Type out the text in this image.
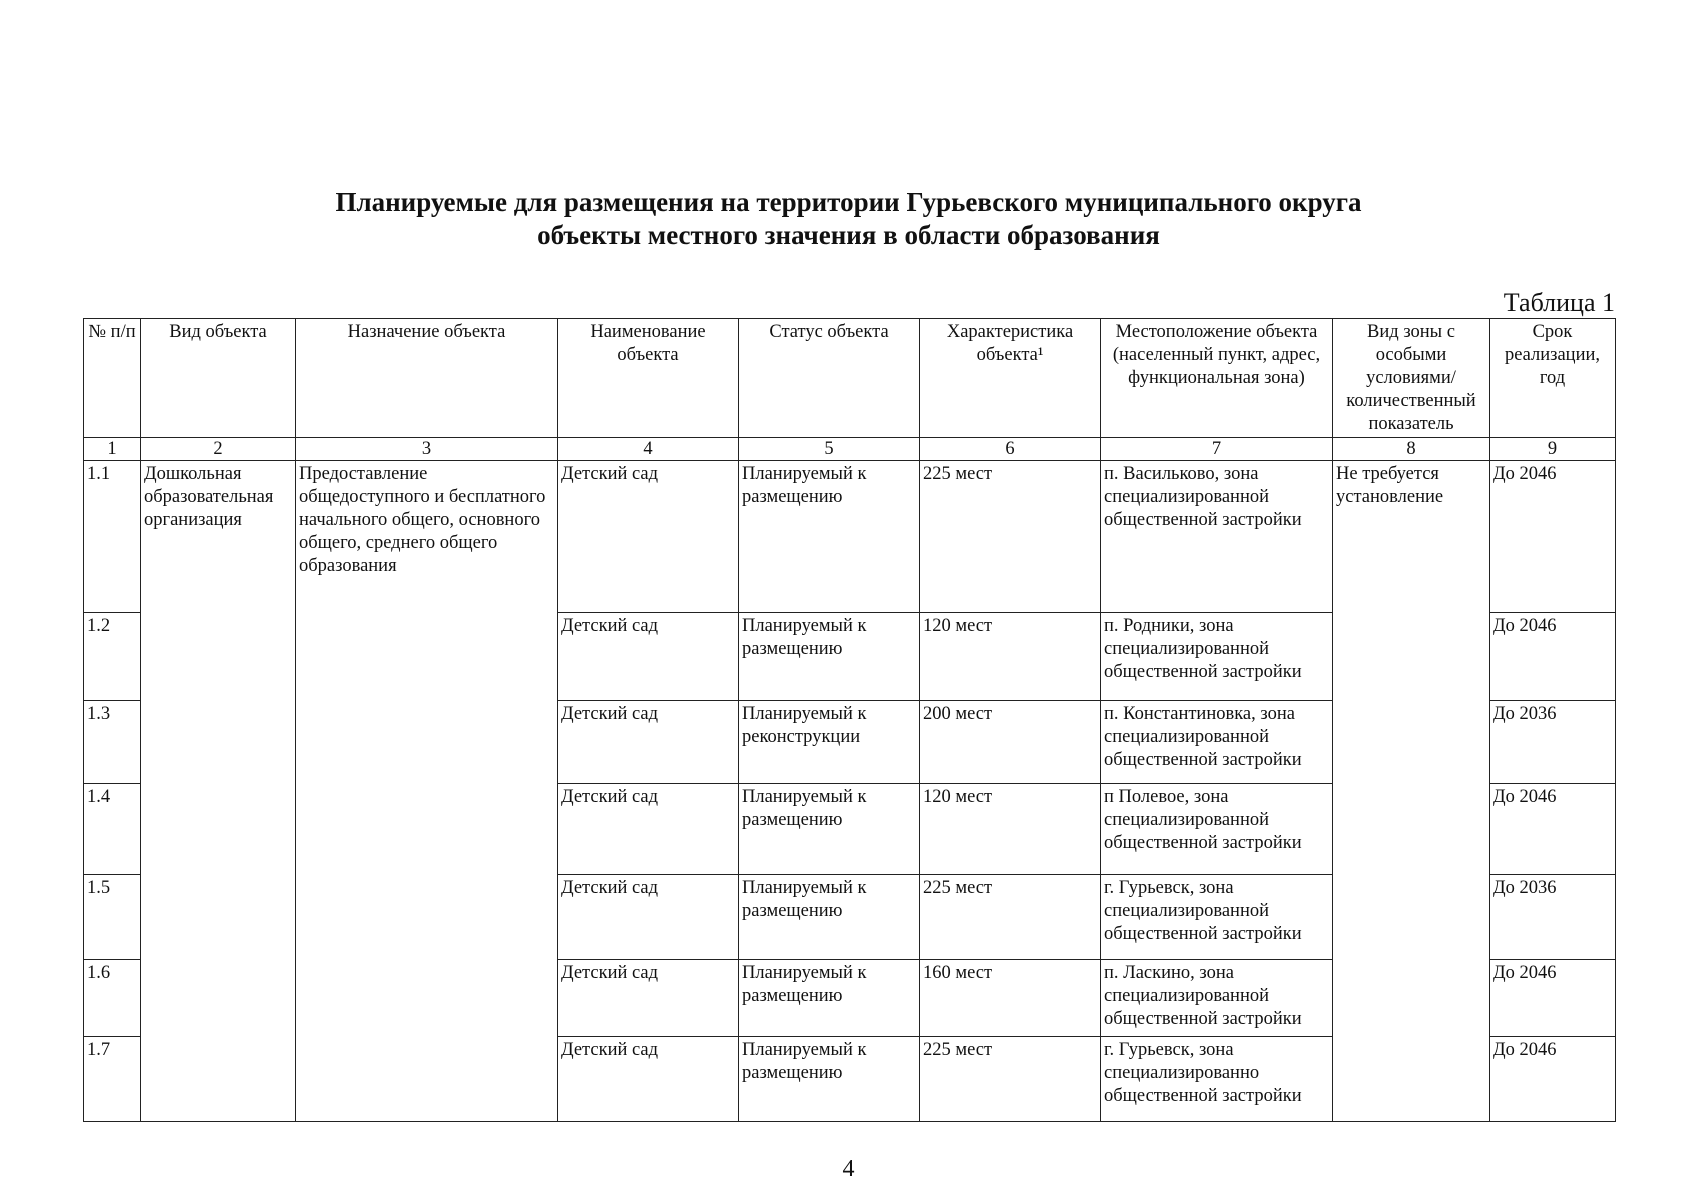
Планируемые для размещения на территории Гурьевского муниципального округа
объекты местного значения в области образования
Таблица 1
№ п/п	Вид объекта	Назначение объекта	Наименование объекта	Статус объекта	Характеристика объекта¹	Местоположение объекта (населенный пункт, адрес, функциональная зона)	Вид зоны с особыми условиями/ количественный показатель	Срок реализации, год
1	2	3	4	5	6	7	8	9
1.1	Дошкольная образовательная организация	Предоставление общедоступного и бесплатного начального общего, основного общего, среднего общего образования	Детский сад	Планируемый к размещению	225 мест	п. Васильково, зона специализированной общественной застройки	Не требуется установление	До 2046
1.2			Детский сад	Планируемый к размещению	120 мест	п. Родники, зона специализированной общественной застройки		До 2046
1.3			Детский сад	Планируемый к реконструкции	200 мест	п. Константиновка, зона специализированной общественной застройки		До 2036
1.4			Детский сад	Планируемый к размещению	120 мест	п Полевое, зона специализированной общественной застройки		До 2046
1.5			Детский сад	Планируемый к размещению	225 мест	г. Гурьевск, зона специализированной общественной застройки		До 2036
1.6			Детский сад	Планируемый к размещению	160 мест	п. Ласкино, зона специализированной общественной застройки		До 2046
1.7			Детский сад	Планируемый к размещению	225 мест	г. Гурьевск, зона специализированно общественной застройки		До 2046
4
